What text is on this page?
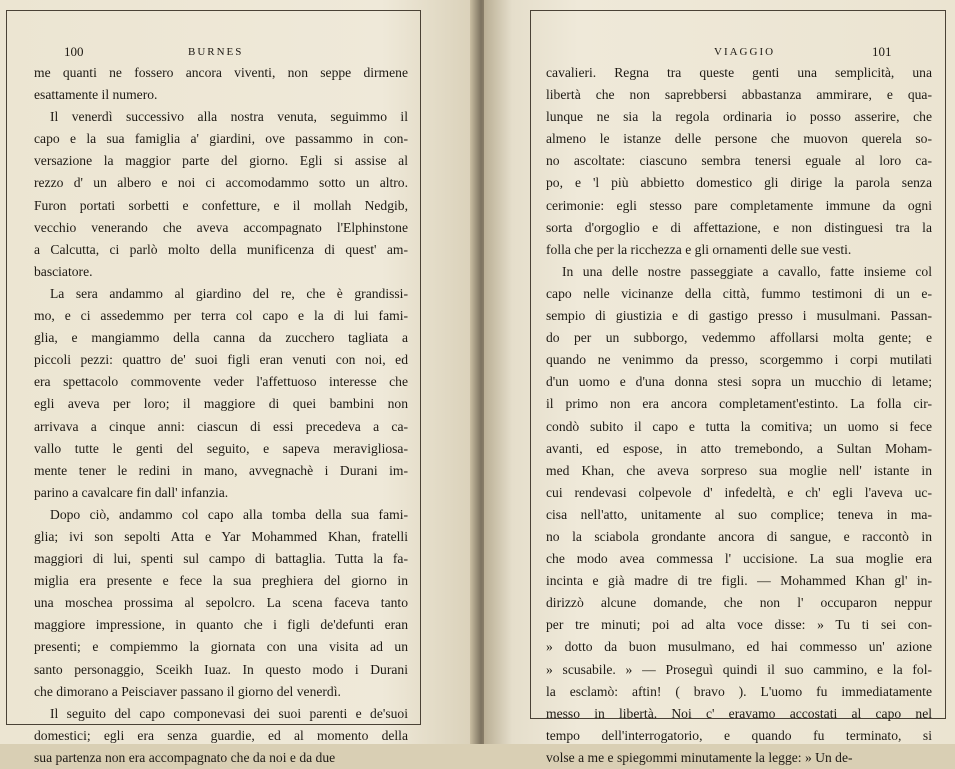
100	BURNES
me quanti ne fossero ancora viventi, non seppe dirmene
esattamente il numero.
Il venerdì successivo alla nostra venuta, seguimmo il
capo e la sua famiglia a' giardini, ove passammo in con-
versazione la maggior parte del giorno. Egli si assise al
rezzo d' un albero e noi ci accomodammo sotto un altro.
Furon portati sorbetti e confetture, e il mollah Nedgib,
vecchio venerando che aveva accompagnato l'Elphinstone
a Calcutta, ci parlò molto della munificenza di quest' am-
basciatore.
La sera andammo al giardino del re, che è grandissi-
mo, e ci assedemmo per terra col capo e la di lui fami-
glia, e mangiammo della canna da zucchero tagliata a
piccoli pezzi: quattro de' suoi figli eran venuti con noi, ed
era spettacolo commovente veder l'affettuoso interesse che
egli aveva per loro; il maggiore di quei bambini non
arrivava a cinque anni: ciascun di essi precedeva a ca-
vallo tutte le genti del seguito, e sapeva meravigliosa-
mente tener le redini in mano, avvegnachè i Durani im-
parino a cavalcare fin dall' infanzia.
Dopo ciò, andammo col capo alla tomba della sua fami-
glia; ivi son sepolti Atta e Yar Mohammed Khan, fratelli
maggiori di lui, spenti sul campo di battaglia. Tutta la fa-
miglia era presente e fece la sua preghiera del giorno in
una moschea prossima al sepolcro. La scena faceva tanto
maggiore impressione, in quanto che i figli de'defunti eran
presenti; e compiemmo la giornata con una visita ad un
santo personaggio, Sceikh Iuaz. In questo modo i Durani
che dimorano a Peisciaver passano il giorno del venerdì.
Il seguito del capo componevasi dei suoi parenti e de'suoi
domestici; egli era senza guardie, ed al momento della
sua partenza non era accompagnato che da noi e da due
VIAGGIO	101
cavalieri. Regna tra queste genti una semplicità, una
libertà che non saprebbersi abbastanza ammirare, e qua-
lunque ne sia la regola ordinaria io posso asserire, che
almeno le istanze delle persone che muovon querela so-
no ascoltate: ciascuno sembra tenersi eguale al loro ca-
po, e 'l più abbietto domestico gli dirige la parola senza
cerimonie: egli stesso pare completamente immune da ogni
sorta d'orgoglio e di affettazione, e non distinguesi tra la
folla che per la ricchezza e gli ornamenti delle sue vesti.
In una delle nostre passeggiate a cavallo, fatte insieme col
capo nelle vicinanze della città, fummo testimoni di un e-
sempio di giustizia e di gastigo presso i musulmani. Passan-
do per un subborgo, vedemmo affollarsi molta gente; e
quando ne venimmo da presso, scorgemmo i corpi mutilati
d'un uomo e d'una donna stesi sopra un mucchio di letame;
il primo non era ancora completament'estinto. La folla cir-
condò subito il capo e tutta la comitiva; un uomo si fece
avanti, ed espose, in atto tremebondo, a Sultan Moham-
med Khan, che aveva sorpreso sua moglie nell' istante in
cui rendevasi colpevole d' infedeltà, e ch' egli l'aveva uc-
cisa nell'atto, unitamente al suo complice; teneva in ma-
no la sciabola grondante ancora di sangue, e raccontò in
che modo avea commessa l' uccisione. La sua moglie era
incinta e già madre di tre figli. — Mohammed Khan gl' in-
dirizzò alcune domande, che non l' occuparon neppur
per tre minuti; poi ad alta voce disse: » Tu ti sei con-
» dotto da buon musulmano, ed hai commesso un' azione
» scusabile. » — Proseguì quindi il suo cammino, e la fol-
la esclamò: aftin! ( bravo ). L'uomo fu immediatamente
messo in libertà. Noi c' eravamo accostati al capo nel
tempo dell'interrogatorio, e quando fu terminato, si
volse a me e spiegommi minutamente la legge: » Un de-
